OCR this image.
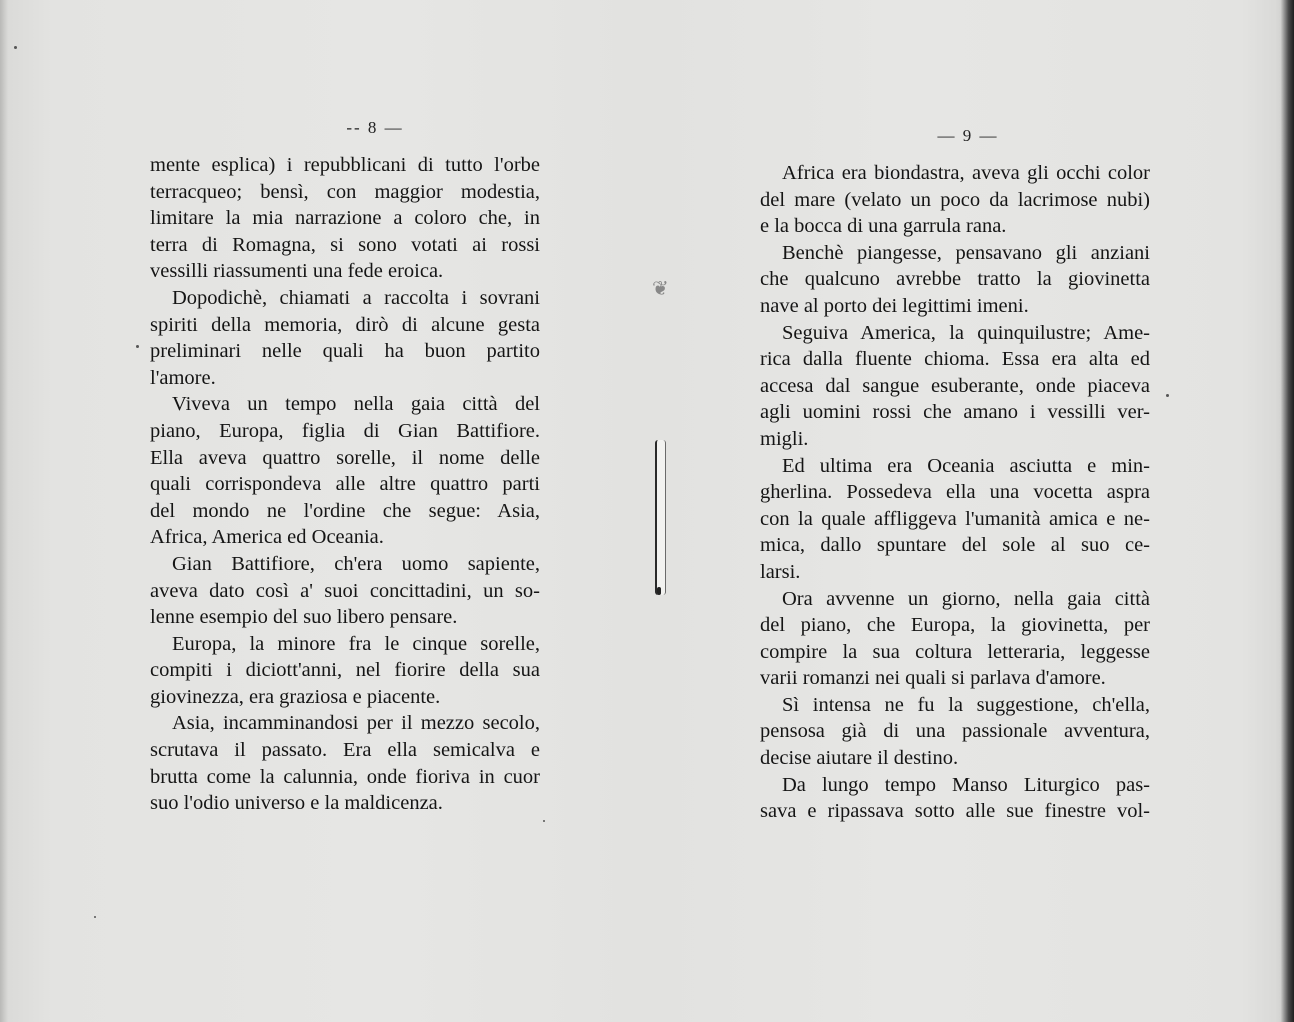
❦
-- 8 —
mente esplica) i repubblicani di tutto l'orbe
terracqueo; bensì, con maggior modestia,
limitare la mia narrazione a coloro che, in
terra di Romagna, si sono votati ai rossi
vessilli riassumenti una fede eroica.
Dopodichè, chiamati a raccolta i sovrani
spiriti della memoria, dirò di alcune gesta
preliminari nelle quali ha buon partito
l'amore.
Viveva un tempo nella gaia città del
piano, Europa, figlia di Gian Battifiore.
Ella aveva quattro sorelle, il nome delle
quali corrispondeva alle altre quattro parti
del mondo ne l'ordine che segue: Asia,
Africa, America ed Oceania.
Gian Battifiore, ch'era uomo sapiente,
aveva dato così a' suoi concittadini, un so-
lenne esempio del suo libero pensare.
Europa, la minore fra le cinque sorelle,
compiti i diciott'anni, nel fiorire della sua
giovinezza, era graziosa e piacente.
Asia, incamminandosi per il mezzo secolo,
scrutava il passato. Era ella semicalva e
brutta come la calunnia, onde fioriva in cuor
suo l'odio universo e la maldicenza.
— 9 —
Africa era biondastra, aveva gli occhi color
del mare (velato un poco da lacrimose nubi)
e la bocca di una garrula rana.
Benchè piangesse, pensavano gli anziani
che qualcuno avrebbe tratto la giovinetta
nave al porto dei legittimi imeni.
Seguiva America, la quinquilustre; Ame-
rica dalla fluente chioma. Essa era alta ed
accesa dal sangue esuberante, onde piaceva
agli uomini rossi che amano i vessilli ver-
migli.
Ed ultima era Oceania asciutta e min-
gherlina. Possedeva ella una vocetta aspra
con la quale affliggeva l'umanità amica e ne-
mica, dallo spuntare del sole al suo ce-
larsi.
Ora avvenne un giorno, nella gaia città
del piano, che Europa, la giovinetta, per
compire la sua coltura letteraria, leggesse
varii romanzi nei quali si parlava d'amore.
Sì intensa ne fu la suggestione, ch'ella,
pensosa già di una passionale avventura,
decise aiutare il destino.
Da lungo tempo Manso Liturgico pas-
sava e ripassava sotto alle sue finestre vol-
